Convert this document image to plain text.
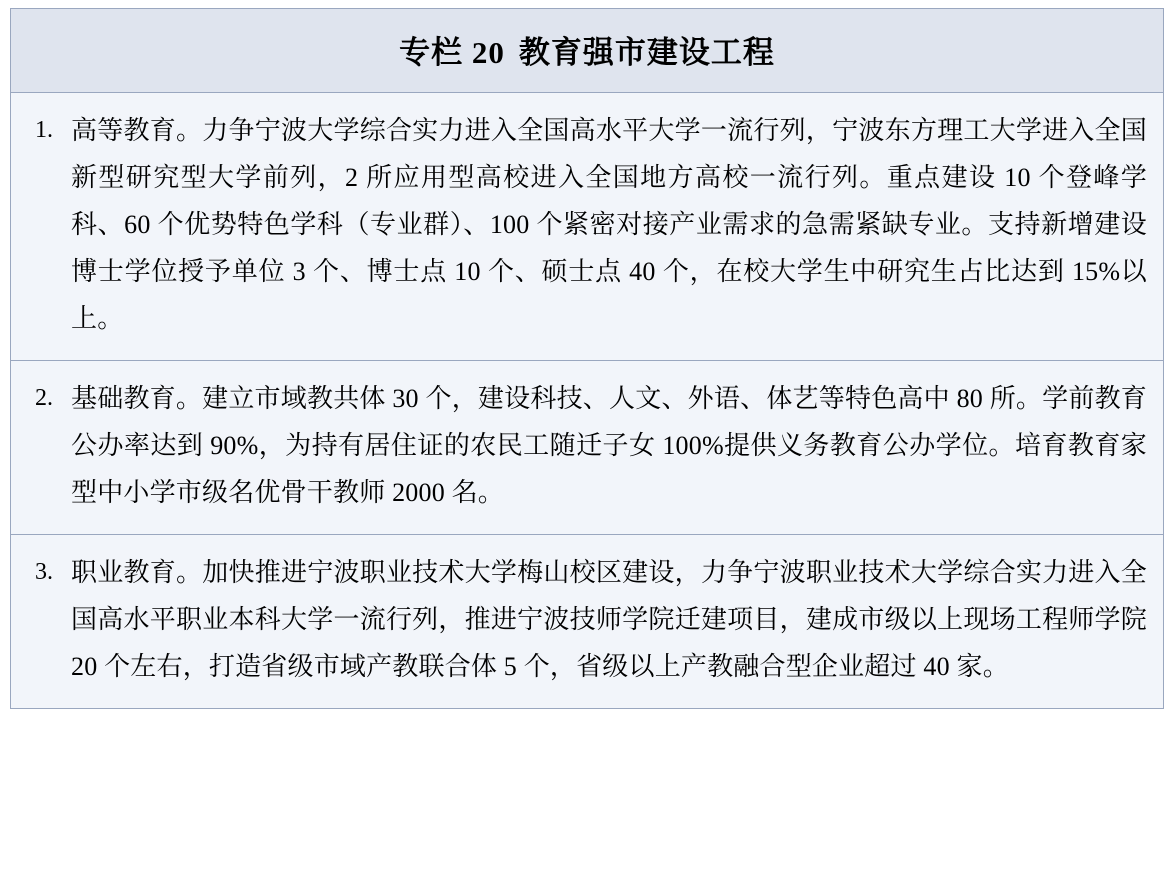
专栏 20 教育强市建设工程

1. 高等教育。力争宁波大学综合实力进入全国高水平大学一流行列，宁波东方理工大学进入全国新型研究型大学前列，2 所应用型高校进入全国地方高校一流行列。重点建设 10 个登峰学科、60 个优势特色学科（专业群）、100 个紧密对接产业需求的急需紧缺专业。支持新增建设博士学位授予单位 3 个、博士点 10 个、硕士点 40 个，在校大学生中研究生占比达到 15%以上。

2. 基础教育。建立市域教共体 30 个，建设科技、人文、外语、体艺等特色高中 80 所。学前教育公办率达到 90%，为持有居住证的农民工随迁子女 100%提供义务教育公办学位。培育教育家型中小学市级名优骨干教师 2000 名。

3. 职业教育。加快推进宁波职业技术大学梅山校区建设，力争宁波职业技术大学综合实力进入全国高水平职业本科大学一流行列，推进宁波技师学院迁建项目，建成市级以上现场工程师学院 20 个左右，打造省级市域产教联合体 5 个，省级以上产教融合型企业超过 40 家。
